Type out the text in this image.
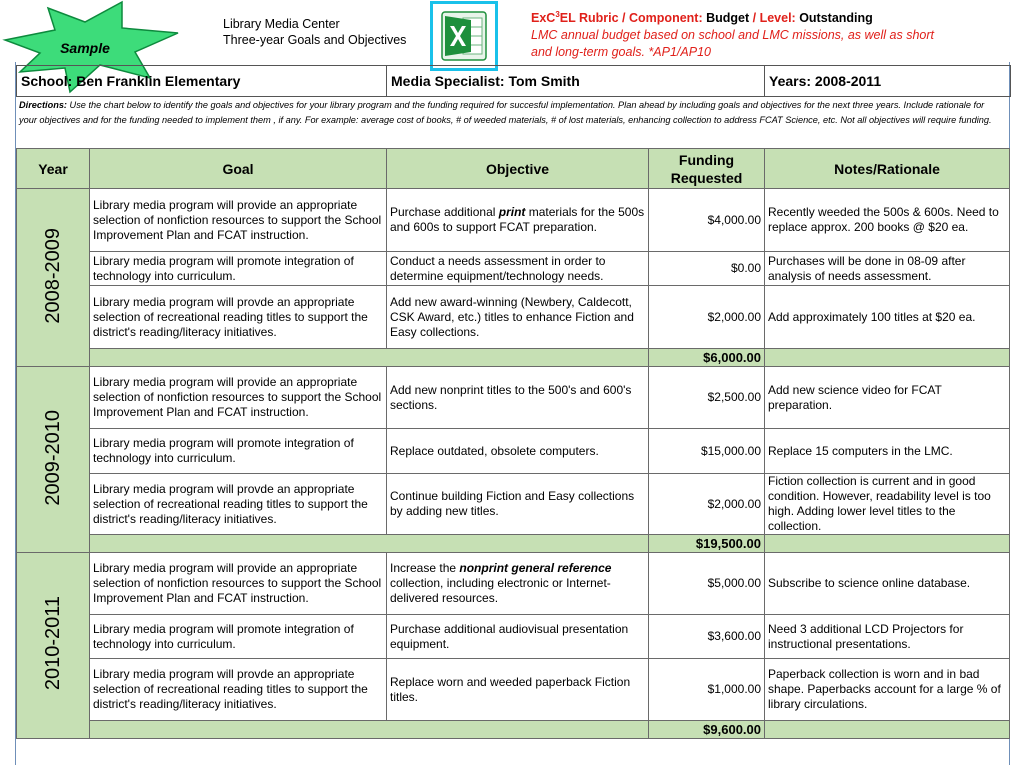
Sample
Library Media Center
Three-year Goals and Objectives
ExC$^3$EL Rubric / Component: Budget / Level: Outstanding
LMC annual budget based on school and LMC missions, as well as short and long-term goals. *AP1/AP10
School: Ben Franklin Elementary	Media Specialist: Tom Smith	Years: 2008-2011
Directions: Use the chart below to identify the goals and objectives for your library program and the funding required for succesful implementation. Plan ahead by including goals and objectives for the next three years. Include rationale for your objectives and for the funding needed to implement them , if any. For example: average cost of books, # of weeded materials, # of lost materials, enhancing collection to address FCAT Science, etc. Not all objectives will require funding.
Year	Goal	Objective	Funding Requested	Notes/Rationale
2008-2009	Library media program will provide an appropriate selection of nonfiction resources to support the School Improvement Plan and FCAT instruction.	Purchase additional print materials for the 500s and 600s to support FCAT preparation.	$4,000.00	Recently weeded the 500s & 600s. Need to replace approx. 200 books @ $20 ea.
	Library media program will promote integration of technology into curriculum.	Conduct a needs assessment in order to determine equipment/technology needs.	$0.00	Purchases will be done in 08-09 after analysis of needs assessment.
	Library media program will provde an appropriate selection of recreational reading titles to support the district's reading/literacy initiatives.	Add new award-winning (Newbery, Caldecott, CSK Award, etc.) titles to enhance Fiction and Easy collections.	$2,000.00	Add approximately 100 titles at $20 ea.
			$6,000.00	
2009-2010	Library media program will provide an appropriate selection of nonfiction resources to support the School Improvement Plan and FCAT instruction.	Add new nonprint titles to the 500's and 600's sections.	$2,500.00	Add new science video for FCAT preparation.
	Library media program will promote integration of technology into curriculum.	Replace outdated, obsolete computers.	$15,000.00	Replace 15 computers in the LMC.
	Library media program will provde an appropriate selection of recreational reading titles to support the district's reading/literacy initiatives.	Continue building Fiction and Easy collections by adding new titles.	$2,000.00	Fiction collection is current and in good condition. However, readability level is too high. Adding lower level titles to the collection.
			$19,500.00	
2010-2011	Library media program will provide an appropriate selection of nonfiction resources to support the School Improvement Plan and FCAT instruction.	Increase the nonprint general reference collection, including electronic or Internet-delivered resources.	$5,000.00	Subscribe to science online database.
	Library media program will promote integration of technology into curriculum.	Purchase additional audiovisual presentation equipment.	$3,600.00	Need 3 additional LCD Projectors for instructional presentations.
	Library media program will provde an appropriate selection of recreational reading titles to support the district's reading/literacy initiatives.	Replace worn and weeded paperback Fiction titles.	$1,000.00	Paperback collection is worn and in bad shape. Paperbacks account for a large % of library circulations.
			$9,600.00	
